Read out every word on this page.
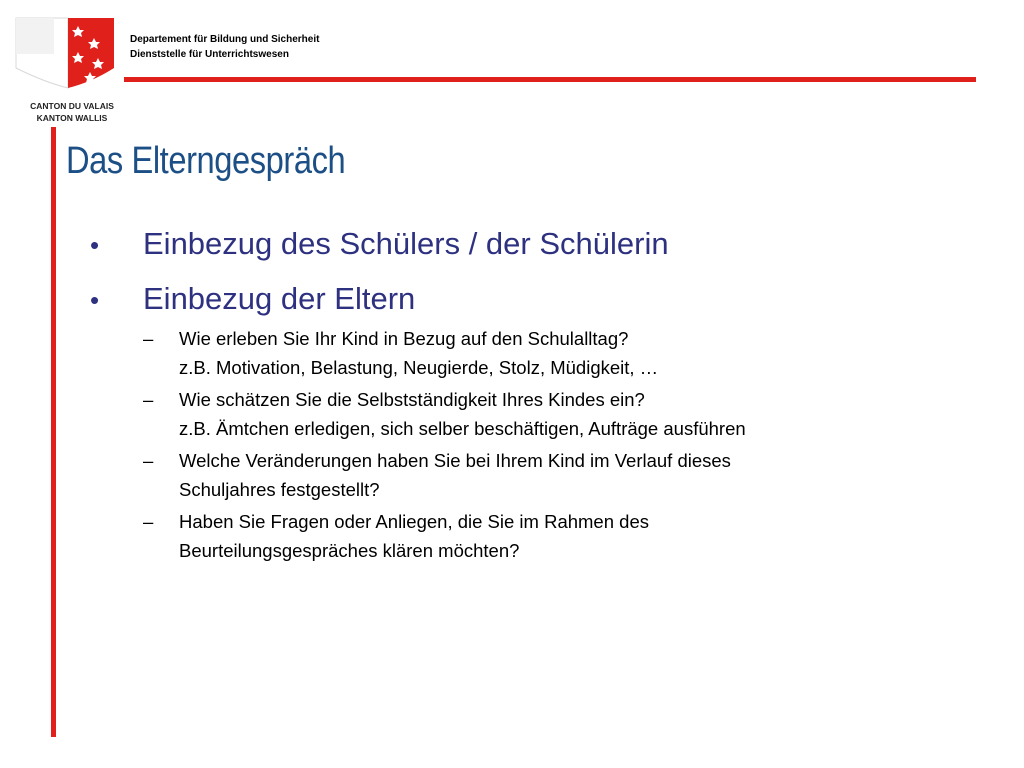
CANTON DU VALAIS
KANTON WALLIS
Departement für Bildung und Sicherheit
Dienststelle für Unterrichtswesen
Das Elterngespräch
•	Einbezug des Schülers / der Schülerin
•	Einbezug der Eltern
–	Wie erleben Sie Ihr Kind in Bezug auf den Schulalltag?
z.B. Motivation, Belastung, Neugierde, Stolz, Müdigkeit, …
–	Wie schätzen Sie die Selbstständigkeit Ihres Kindes ein?
z.B. Ämtchen erledigen, sich selber beschäftigen, Aufträge ausführen
–	Welche Veränderungen haben Sie bei Ihrem Kind im Verlauf dieses
Schuljahres festgestellt?
–	Haben Sie Fragen oder Anliegen, die Sie im Rahmen des
Beurteilungsgespräches klären möchten?
